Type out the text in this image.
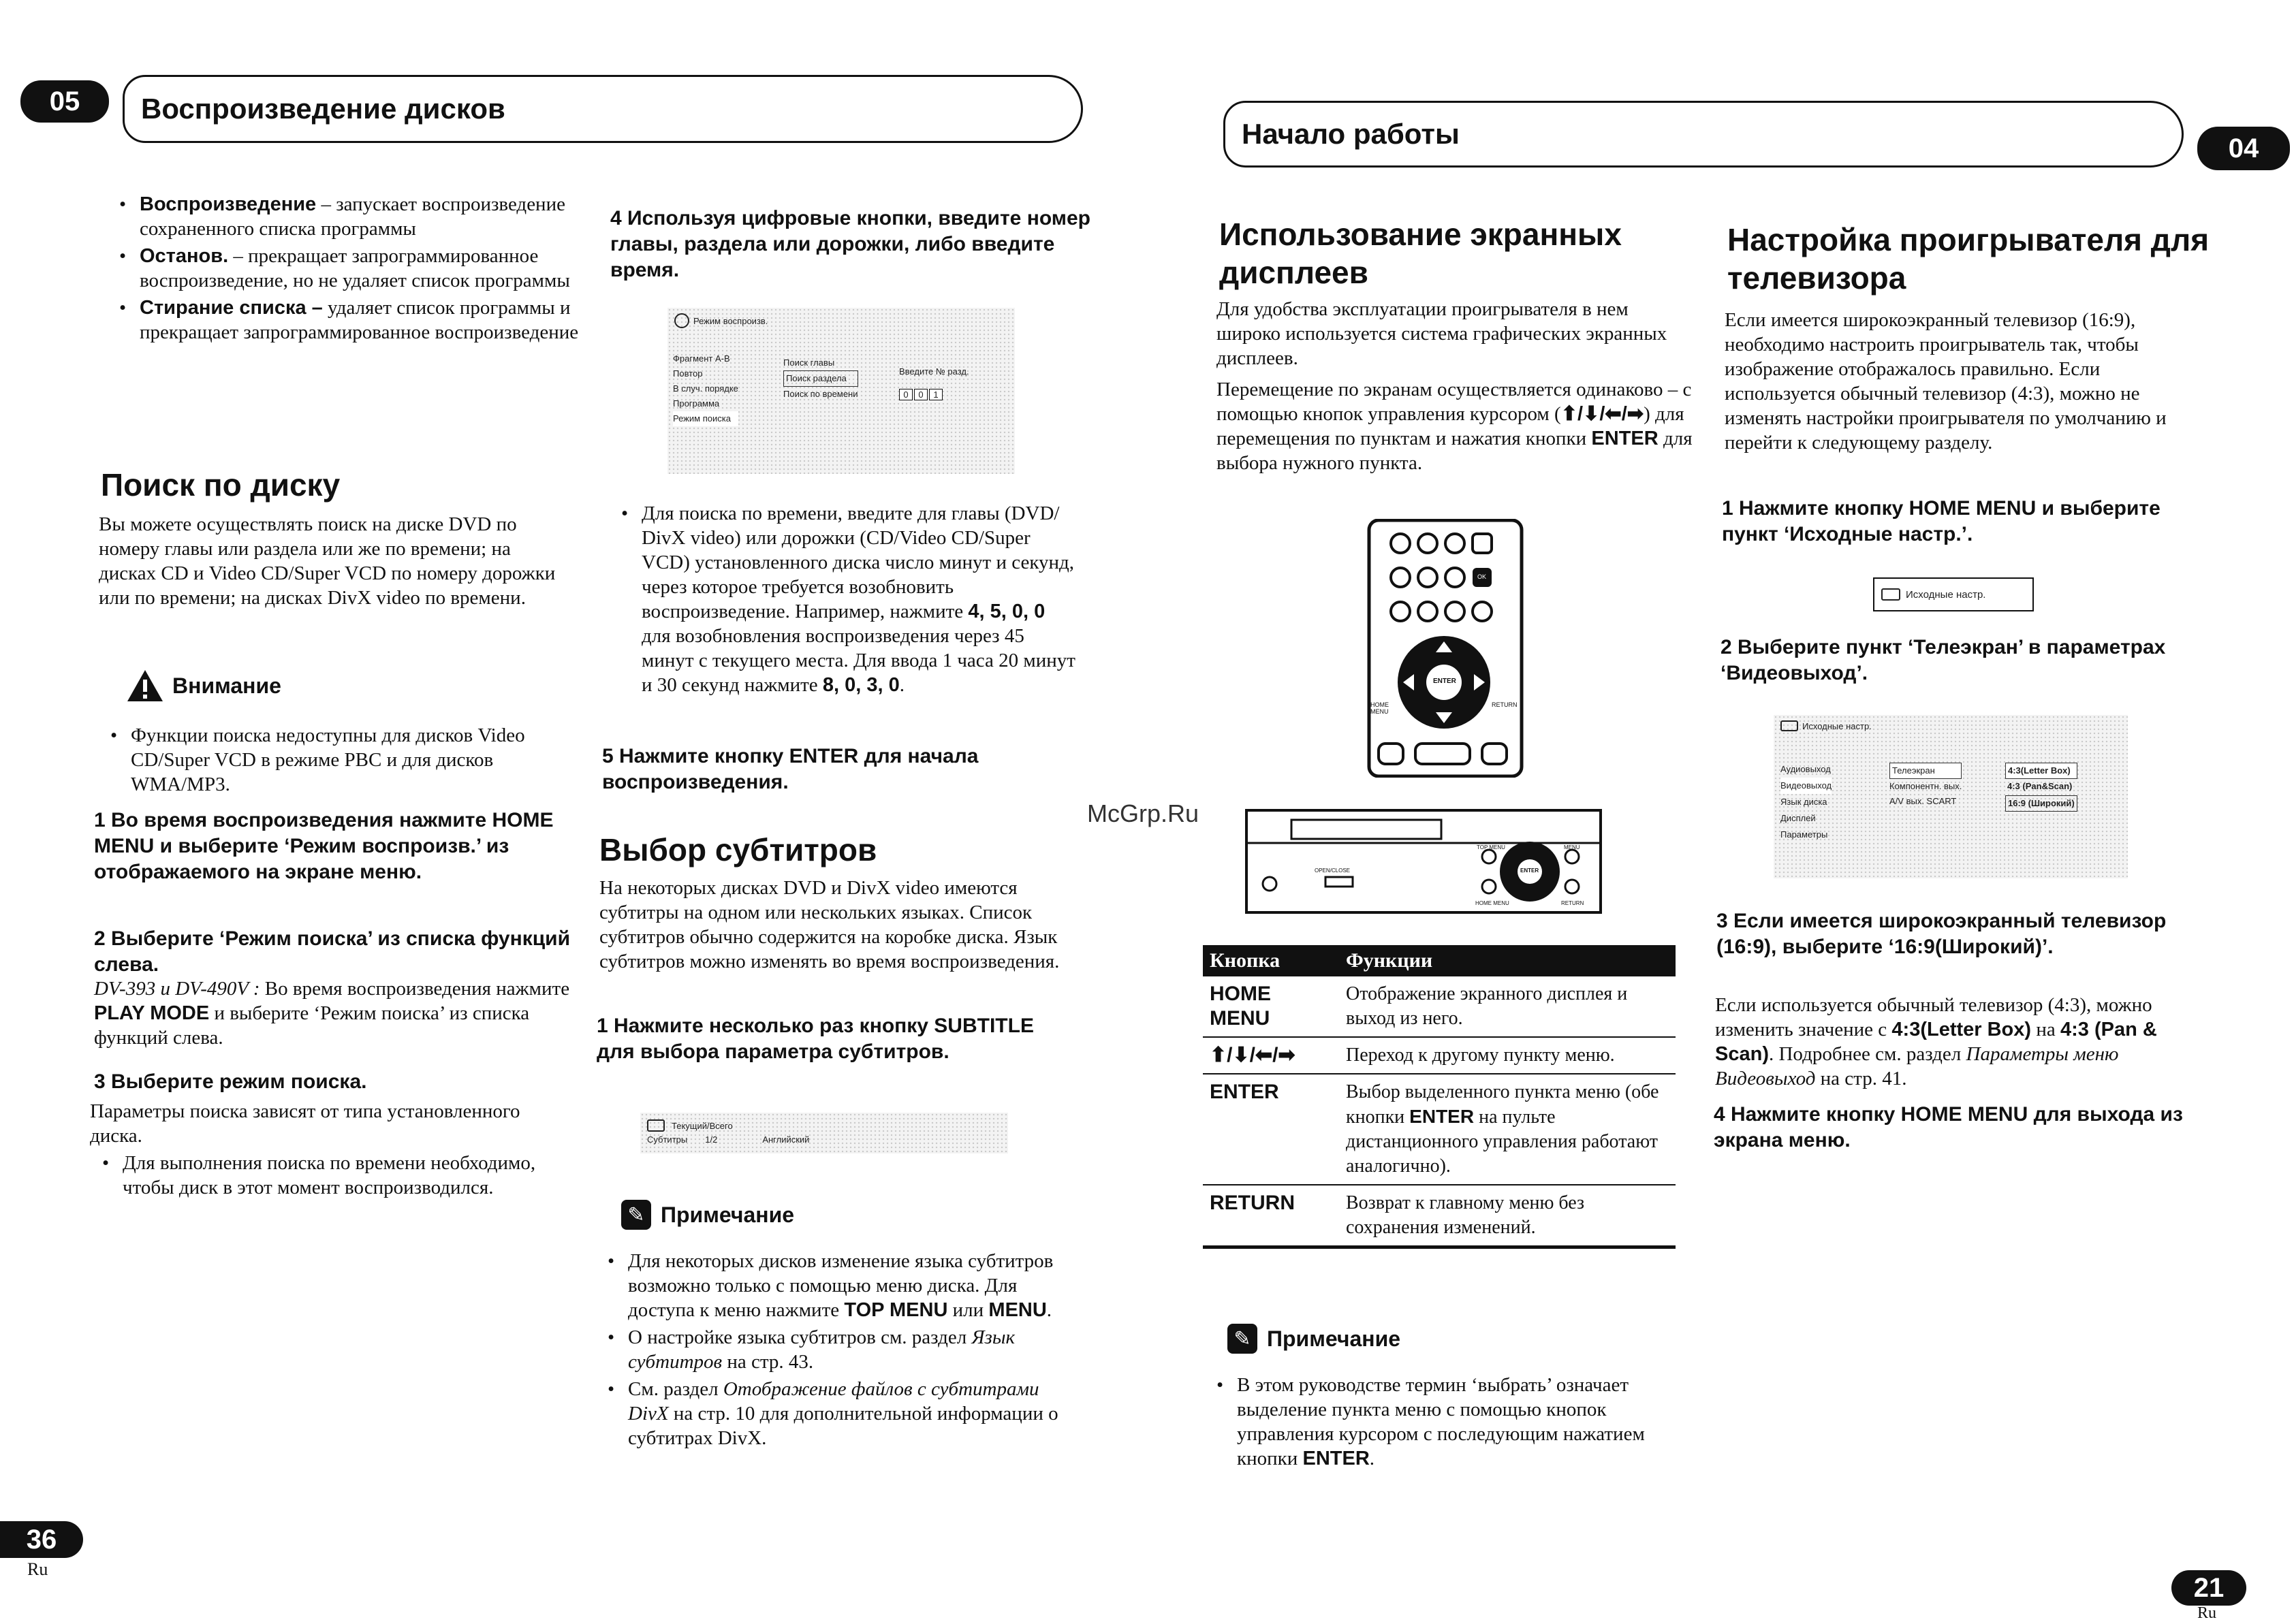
05	Воспроизведение дисков
• Воспроизведение – запускает воспроизведение сохраненного списка программы
• Останов. – прекращает запрограммированное воспроизведение, но не удаляет список программы
• Стирание списка – удаляет список программы и прекращает запрограммированное воспроизведение
Поиск по диску
Вы можете осуществлять поиск на диске DVD по номеру главы или раздела или же по времени; на дисках CD и Video CD/Super VCD по номеру дорожки или по времени; на дисках DivX video по времени.
Внимание
• Функции поиска недоступны для дисков Video CD/Super VCD в режиме PBC и для дисков WMA/MP3.
1 Во время воспроизведения нажмите HOME MENU и выберите ‘Режим воспроизв.’ из отображаемого на экране меню.
2 Выберите ‘Режим поиска’ из списка функций слева.
DV-393 и DV-490V : Во время воспроизведения нажмите PLAY MODE и выберите ‘Режим поиска’ из списка функций слева.
3 Выберите режим поиска.
Параметры поиска зависят от типа установленного диска.
• Для выполнения поиска по времени необходимо, чтобы диск в этот момент воспроизводился.
4 Используя цифровые кнопки, введите номер главы, раздела или дорожки, либо введите время.
Режим воспроизв.
Фрагмент A-B
Повтор
В случ. порядке
Программа
Режим поиска
Поиск главы
Поиск раздела
Поиск по времени
Введите № разд.
0	0	1
• Для поиска по времени, введите для главы (DVD/ DivX video) или дорожки (CD/Video CD/Super VCD) установленного диска число минут и секунд, через которое требуется возобновить воспроизведение. Например, нажмите 4, 5, 0, 0 для возобновления воспроизведения через 45 минут с текущего места. Для ввода 1 часа 20 минут и 30 секунд нажмите 8, 0, 3, 0.
5 Нажмите кнопку ENTER для начала воспроизведения.
Выбор субтитров
На некоторых дисках DVD и DivX video имеются субтитры на одном или нескольких языках. Список субтитров обычно содержится на коробке диска. Язык субтитров можно изменять во время воспроизведения.
1 Нажмите несколько раз кнопку SUBTITLE для выбора параметра субтитров.
Текущий/Всего
Субтитры 1/2	Английский
✎ Примечание
• Для некоторых дисков изменение языка субтитров возможно только с помощью меню диска. Для доступа к меню нажмите TOP MENU или MENU.
• О настройке языка субтитров см. раздел Язык субтитров на стр. 43.
• См. раздел Отображение файлов с субтитрами DivX на стр. 10 для дополнительной информации о субтитрах DivX.
36
Ru
McGrp.Ru
Начало работы	04
Использование экранных дисплеев
Для удобства эксплуатации проигрывателя в нем широко используется система графических экранных дисплеев.
Перемещение по экранам осуществляется одинаково – с помощью кнопок управления курсором (⬆/⬇/⬅/➡) для перемещения по пунктам и нажатия кнопки ENTER для выбора нужного пункта.
ENTER
HOME MENU
RETURN
OK
OPEN/CLOSE
HOME MENU	RETURN
ENTER
TOP MENU	MENU
Кнопка	Функции
HOME MENU	Отображение экранного дисплея и выход из него.
⬆/⬇/⬅/➡	Переход к другому пункту меню.
ENTER	Выбор выделенного пункта меню (обе кнопки ENTER на пульте дистанционного управления работают аналогично).
RETURN	Возврат к главному меню без сохранения изменений.
✎ Примечание
• В этом руководстве термин ‘выбрать’ означает выделение пункта меню с помощью кнопок управления курсором с последующим нажатием кнопки ENTER.
Настройка проигрывателя для телевизора
Если имеется широкоэкранный телевизор (16:9), необходимо настроить проигрыватель так, чтобы изображение отображалось правильно. Если используется обычный телевизор (4:3), можно не изменять настройки проигрывателя по умолчанию и перейти к следующему разделу.
1 Нажмите кнопку HOME MENU и выберите пункт ‘Исходные настр.’.
Исходные настр.
2 Выберите пункт ‘Телеэкран’ в параметрах ‘Видеовыход’.
Исходные настр.
Аудиовыход
Видеовыход
Язык диска
Дисплей
Параметры
Телеэкран
Компонентн. вых.
A/V вых. SCART
4:3(Letter Box)
4:3 (Pan&Scan)
16:9 (Широкий)
3 Если имеется широкоэкранный телевизор (16:9), выберите ‘16:9(Широкий)’.
Если используется обычный телевизор (4:3), можно изменить значение с 4:3(Letter Box) на 4:3 (Pan & Scan). Подробнее см. раздел Параметры меню Видеовыход на стр. 41.
4 Нажмите кнопку HOME MENU для выхода из экрана меню.
21
Ru
